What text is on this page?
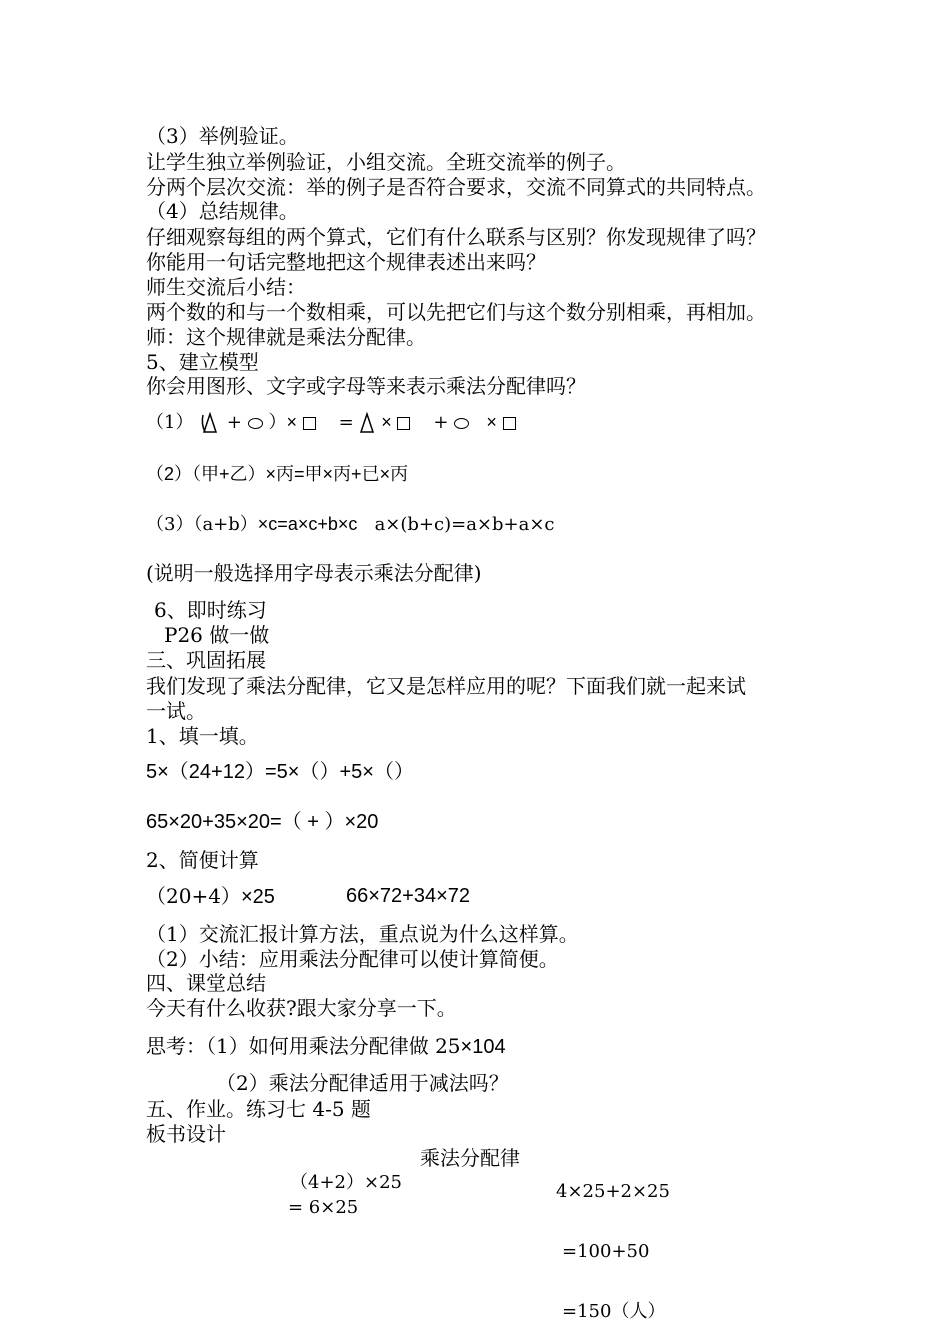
（3）举例验证。
让学生独立举例验证，小组交流。全班交流举的例子。
分两个层次交流：举的例子是否符合要求，交流不同算式的共同特点。
（4）总结规律。
仔细观察每组的两个算式，它们有什么联系与区别？你发现规律了吗？
你能用一句话完整地把这个规律表述出来吗？
师生交流后小结：
两个数的和与一个数相乘，可以先把它们与这个数分别相乘，再相加。
师：这个规律就是乘法分配律。
5、建立模型
你会用图形、文字或字母等来表示乘法分配律吗？
（1） + ）× = × + ×
（2）（甲+乙）×丙=甲×丙+已×丙
（3）（a+b）×c=a×c+b×c a×(b+c)=a×b+a×c
(说明一般选择用字母表示乘法分配律)
6、即时练习
P26 做一做
三、巩固拓展
我们发现了乘法分配律，它又是怎样应用的呢？下面我们就一起来试
一试。
1、填一填。
5×（24+12）=5×（）+5×（）
65×20+35×20=（ + ）×20
2、简便计算
（20+4）×25	66×72+34×72
（1）交流汇报计算方法，重点说为什么这样算。
（2）小结：应用乘法分配律可以使计算简便。
四、课堂总结
今天有什么收获?跟大家分享一下。
思考：（1）如何用乘法分配律做 25×104
（2）乘法分配律适用于减法吗？
五、作业。练习七 4-5 题
板书设计
乘法分配律
（4+2）×25
= 6×25
4×25+2×25
=100+50
=150（人）
